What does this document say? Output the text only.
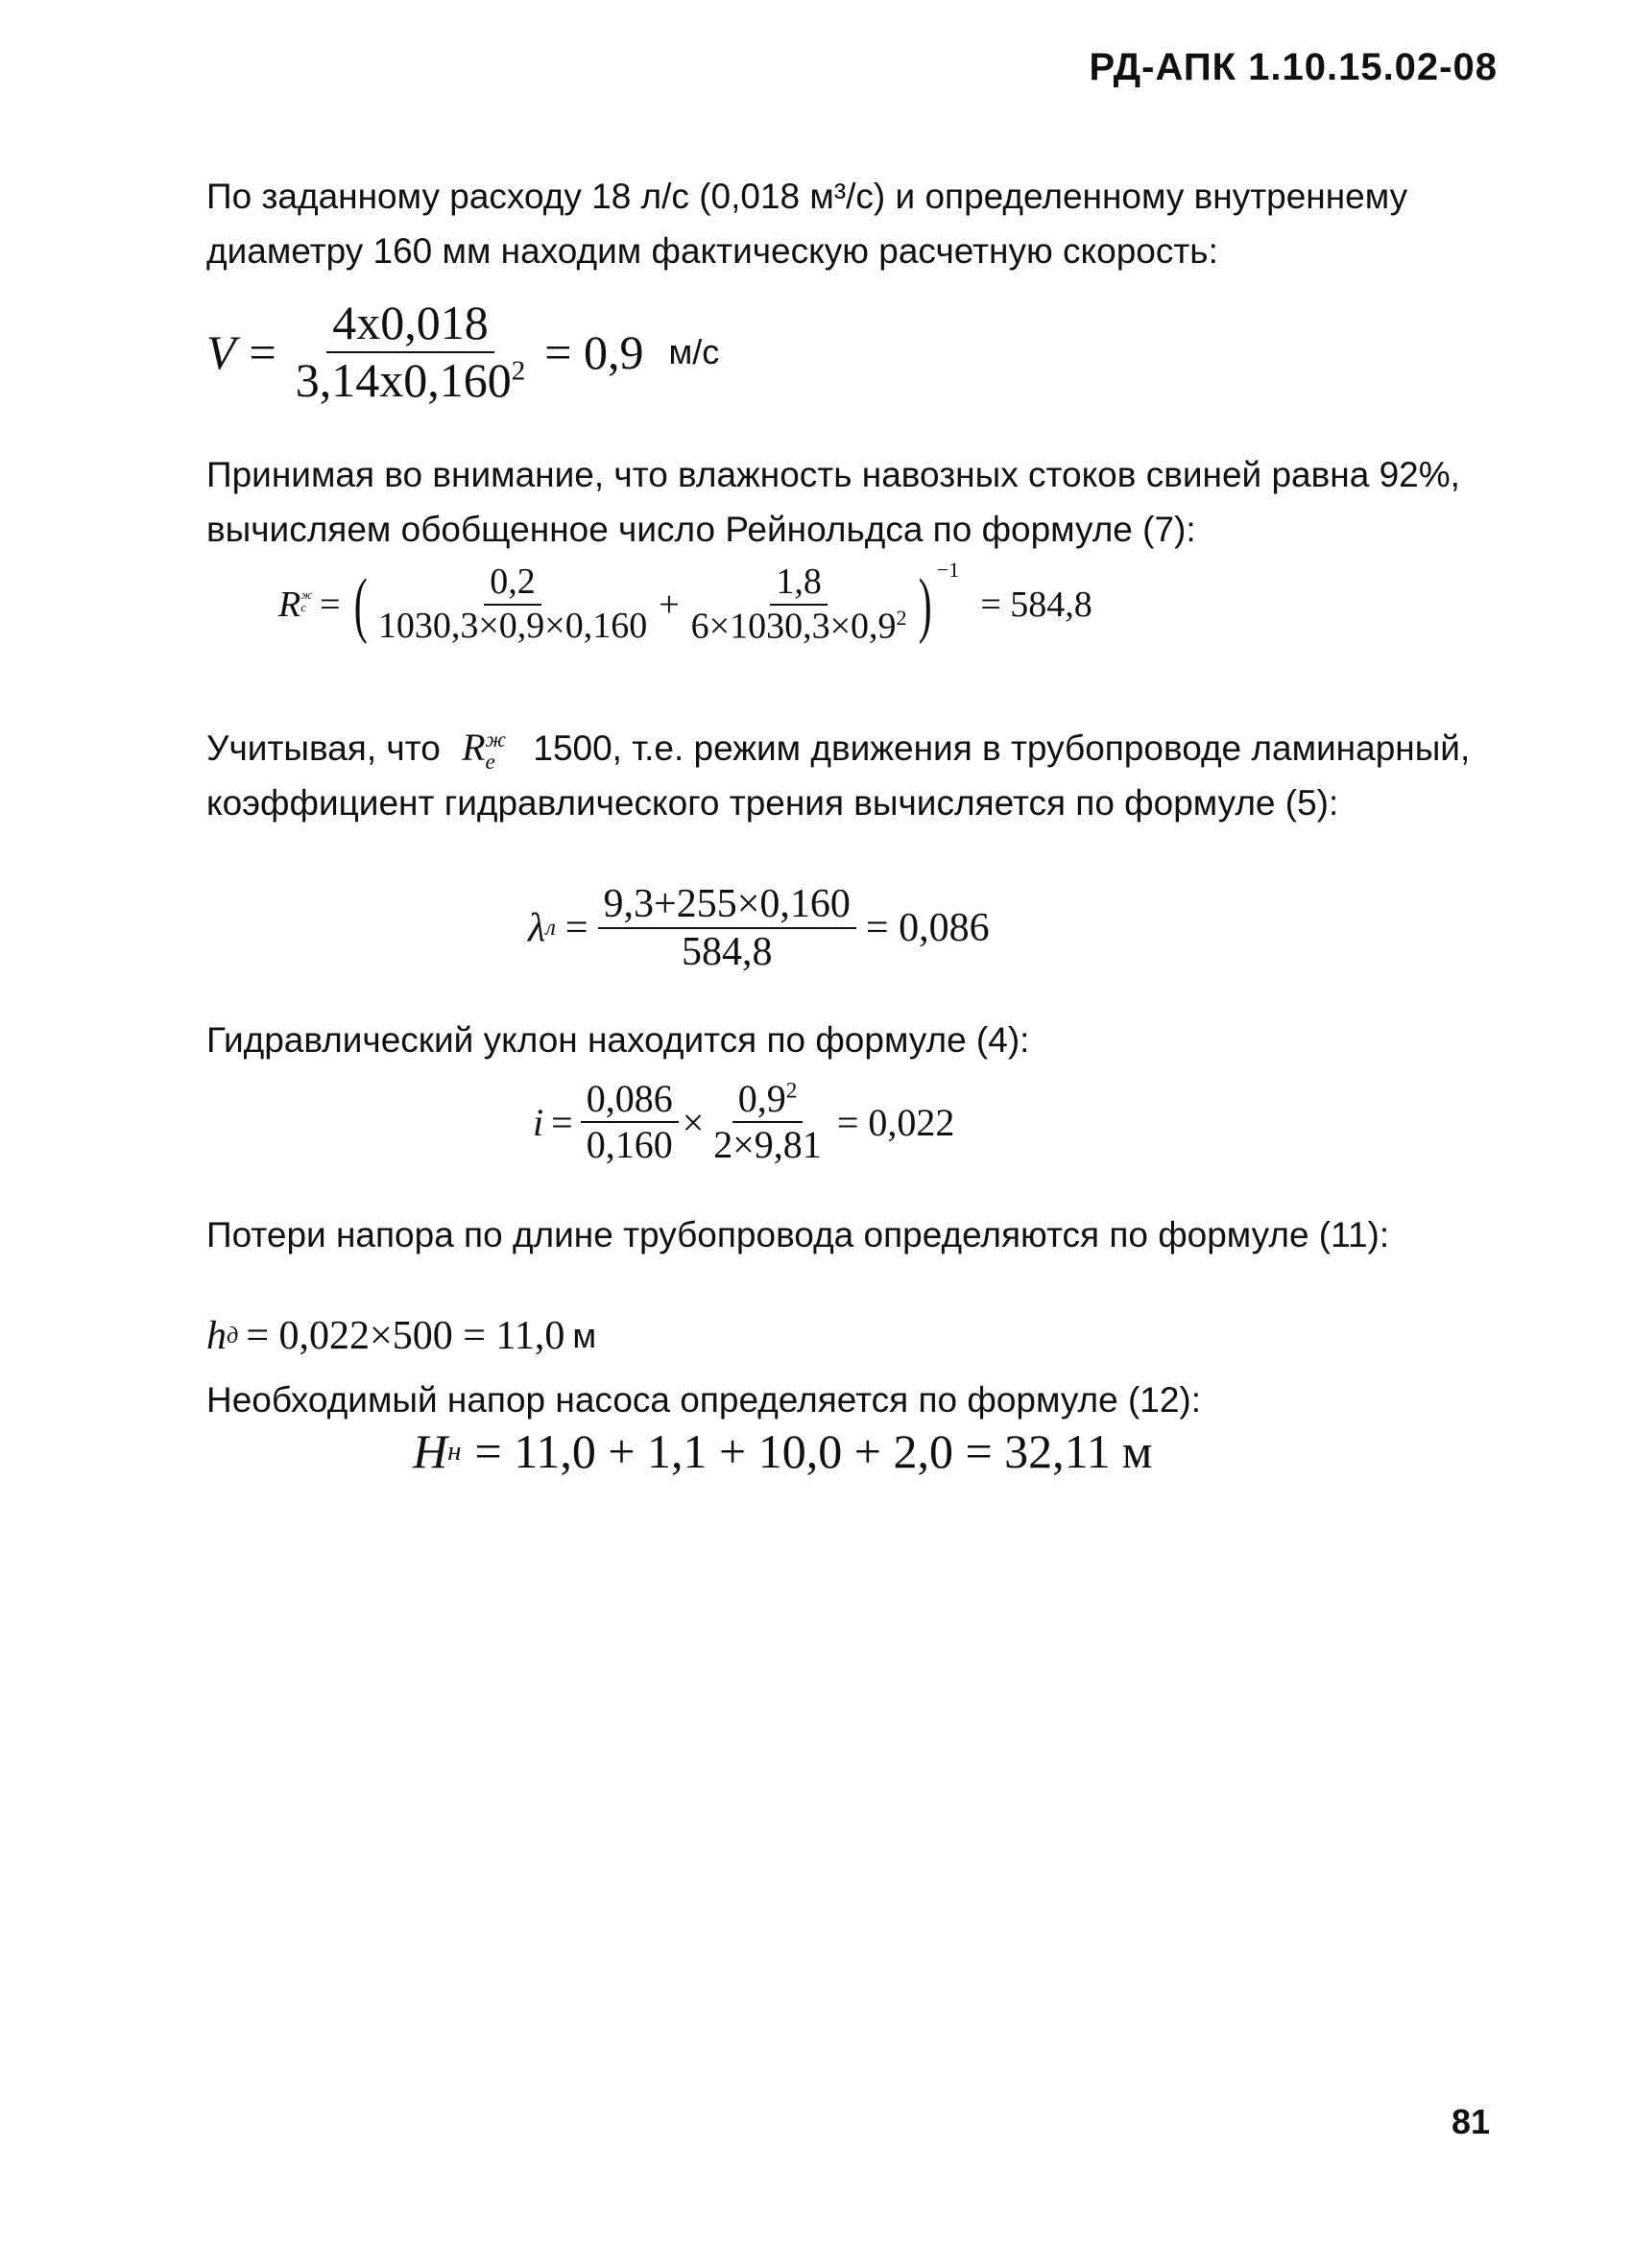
РД-АПК 1.10.15.02-08
По заданному расходу 18 л/с (0,018 м³/с) и определенному внутреннему диаметру 160 мм находим фактическую расчетную скорость:
$V = \frac{4x0,018}{3,14x0,160^2} = 0,9$ м/с
Принимая во внимание, что влажность навозных стоков свиней равна 92%, вычисляем обобщенное число Рейнольдса по формуле (7):
R ж
с = ( $\frac{0,2}{1030,3\times 0,9\times 0,160} + \frac{1,8}{6\times 1030,3\times 0,9^2}$ ) $^{-1}$
= 584,8
Учитывая, что R ж
e	1500, т.е. режим движения в трубопроводе ламинарный, коэффициент гидравлического трения вычисляется по формуле (5):
λ $л = \frac{9,3+255\times 0,160}{584,8} = 0,086$
Гидравлический уклон находится по формуле (4):
$i = \frac{0,086}{0,160} \times \frac{0,9^2}{2\times 9,81} = 0,022$
Потери напора по длине трубопровода определяются по формуле (11):
h д = 0,022×500 = 11,0 м
Необходимый напор насоса определяется по формуле (12):
H н = 11,0 + 1,1 + 10,0 + 2,0 = 32,11 м
81
